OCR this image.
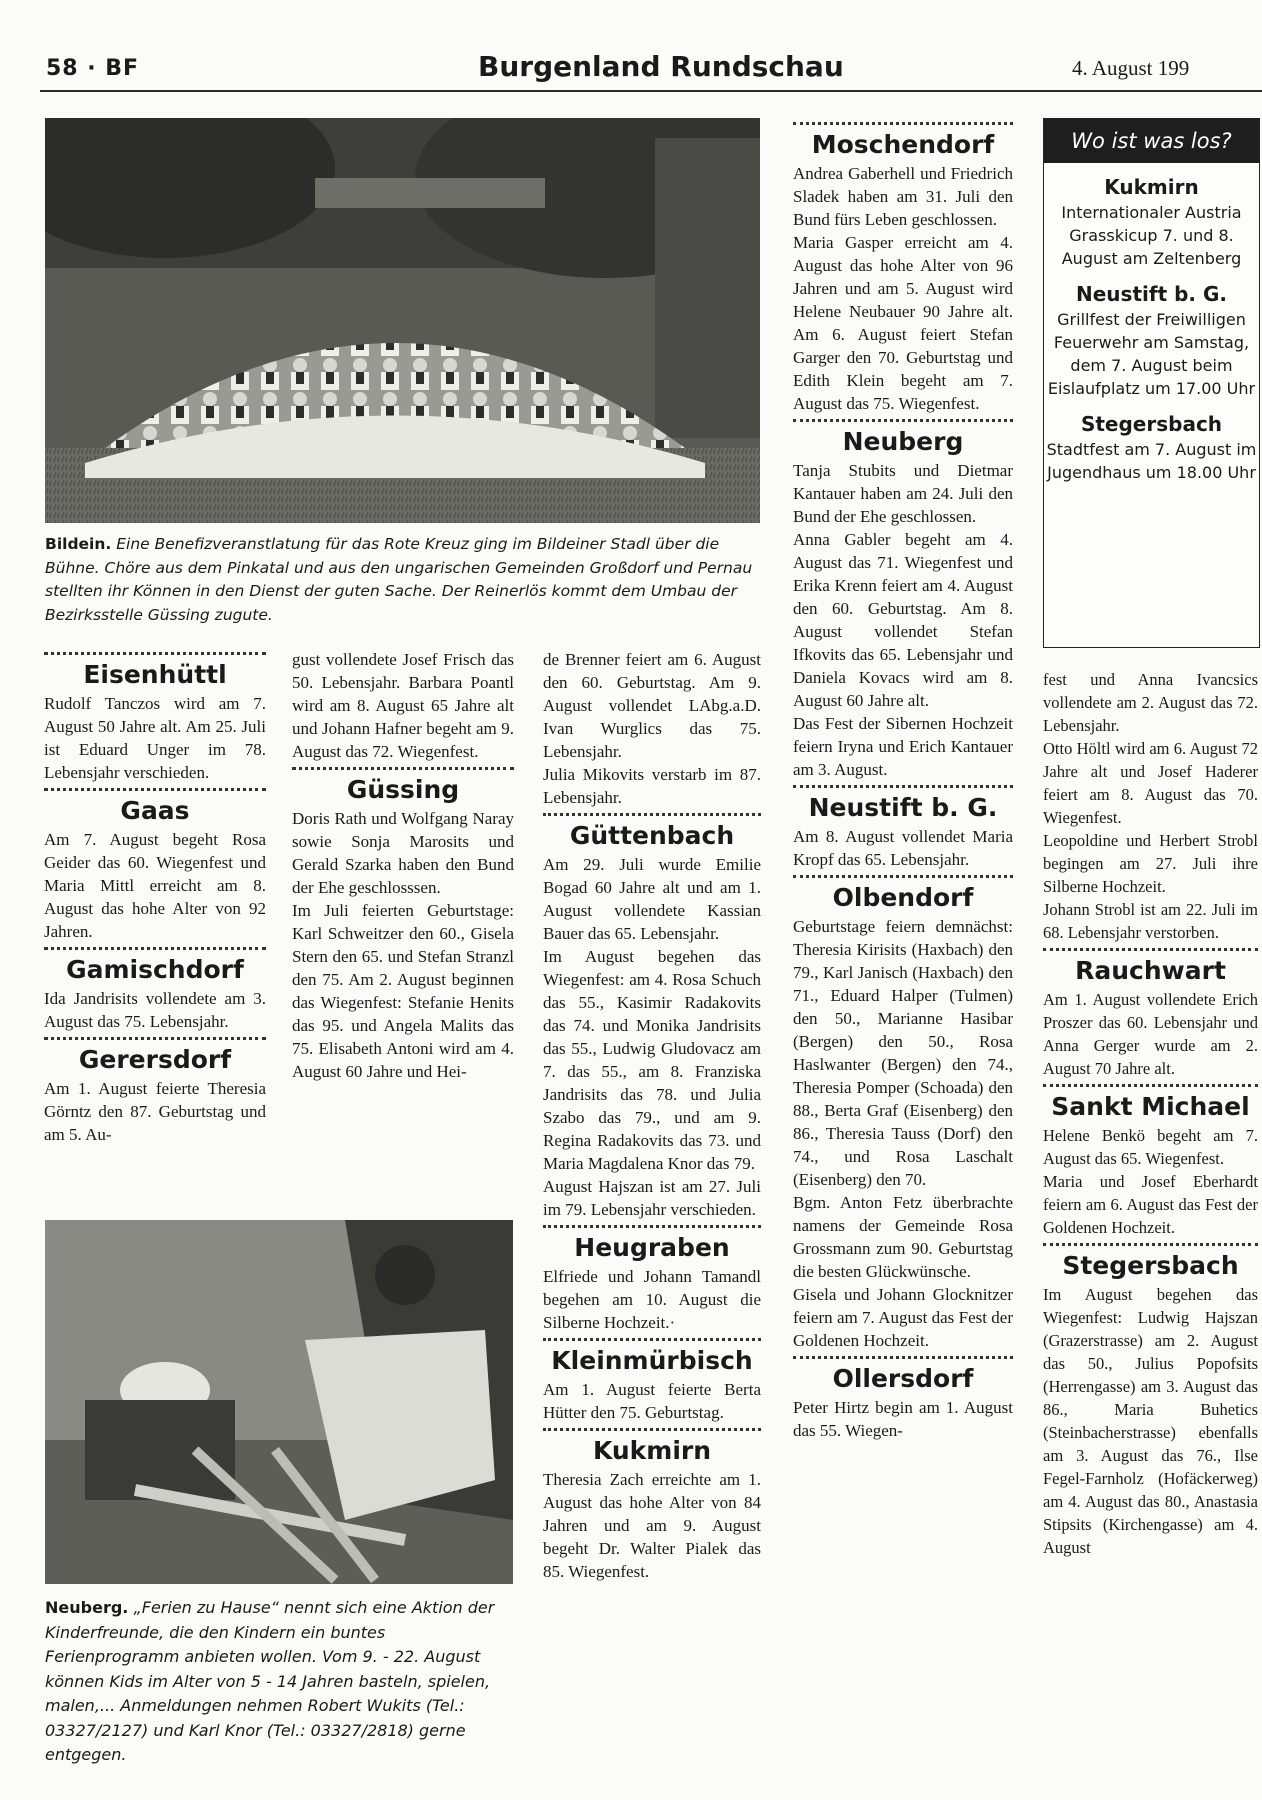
58 · BF	Burgenland Rundschau	4. August 199
Bildein. Eine Benefizveranstlatung für das Rote Kreuz ging im Bildeiner Stadl über die Bühne. Chöre aus dem Pinkatal und aus den ungarischen Gemeinden Großdorf und Pernau stellten ihr Können in den Dienst der guten Sache. Der Reinerlös kommt dem Umbau der Bezirksstelle Güssing zugute.
Eisenhüttl

Rudolf Tanczos wird am 7. August 50 Jahre alt. Am 25. Juli ist Eduard Unger im 78. Lebensjahr verschieden.

Gaas

Am 7. August begeht Rosa Geider das 60. Wiegenfest und Maria Mittl erreicht am 8. August das hohe Alter von 92 Jahren.

Gamischdorf

Ida Jandrisits vollendete am 3. August das 75. Lebensjahr.

Gerersdorf

Am 1. August feierte Theresia Görntz den 87. Geburtstag und am 5. Au-

gust vollendete Josef Frisch das 50. Lebensjahr. Barbara Poantl wird am 8. August 65 Jahre alt und Johann Hafner begeht am 9. August das 72. Wiegenfest.

Güssing

Doris Rath und Wolfgang Naray sowie Sonja Marosits und Gerald Szarka haben den Bund der Ehe geschlosssen.

Im Juli feierten Geburtstage: Karl Schweitzer den 60., Gisela Stern den 65. und Stefan Stranzl den 75. Am 2. August beginnen das Wiegenfest: Stefanie Henits das 95. und Angela Malits das 75. Elisabeth Antoni wird am 4. August 60 Jahre und Hei-

Neuberg. „Ferien zu Hause“ nennt sich eine Aktion der Kinderfreunde, die den Kindern ein buntes Ferienprogramm anbieten wollen. Vom 9. - 22. August können Kids im Alter von 5 - 14 Jahren basteln, spielen, malen,... Anmeldungen nehmen Robert Wukits (Tel.: 03327/2127) und Karl Knor (Tel.: 03327/2818) gerne entgegen.

de Brenner feiert am 6. August den 60. Geburtstag. Am 9. August vollendet LAbg.a.D. Ivan Wurglics das 75. Lebensjahr.

Julia Mikovits verstarb im 87. Lebensjahr.

Güttenbach

Am 29. Juli wurde Emilie Bogad 60 Jahre alt und am 1. August vollendete Kassian Bauer das 65. Lebensjahr.

Im August begehen das Wiegenfest: am 4. Rosa Schuch das 55., Kasimir Radakovits das 74. und Monika Jandrisits das 55., Ludwig Gludovacz am 7. das 55., am 8. Franziska Jandrisits das 78. und Julia Szabo das 79., und am 9. Regina Radakovits das 73. und Maria Magdalena Knor das 79.

August Hajszan ist am 27. Juli im 79. Lebensjahr verschieden.

Heugraben

Elfriede und Johann Tamandl begehen am 10. August die Silberne Hochzeit.·

Kleinmürbisch

Am 1. August feierte Berta Hütter den 75. Geburtstag.

Kukmirn

Theresia Zach erreichte am 1. August das hohe Alter von 84 Jahren und am 9. August begeht Dr. Walter Pialek das 85. Wiegenfest.

Moschendorf

Andrea Gaberhell und Friedrich Sladek haben am 31. Juli den Bund fürs Leben geschlossen.

Maria Gasper erreicht am 4. August das hohe Alter von 96 Jahren und am 5. August wird Helene Neubauer 90 Jahre alt. Am 6. August feiert Stefan Garger den 70. Geburtstag und Edith Klein begeht am 7. August das 75. Wiegenfest.

Neuberg

Tanja Stubits und Dietmar Kantauer haben am 24. Juli den Bund der Ehe geschlossen.

Anna Gabler begeht am 4. August das 71. Wiegenfest und Erika Krenn feiert am 4. August den 60. Geburtstag. Am 8. August vollendet Stefan Ifkovits das 65. Lebensjahr und Daniela Kovacs wird am 8. August 60 Jahre alt.

Das Fest der Sibernen Hochzeit feiern Iryna und Erich Kantauer am 3. August.

Neustift b. G.

Am 8. August vollendet Maria Kropf das 65. Lebensjahr.

Olbendorf

Geburtstage feiern demnächst: Theresia Kirisits (Haxbach) den 79., Karl Janisch (Haxbach) den 71., Eduard Halper (Tulmen) den 50., Marianne Hasibar (Bergen) den 50., Rosa Haslwanter (Bergen) den 74., Theresia Pomper (Schoada) den 88., Berta Graf (Eisenberg) den 86., Theresia Tauss (Dorf) den 74., und Rosa Laschalt (Eisenberg) den 70.

Bgm. Anton Fetz überbrachte namens der Gemeinde Rosa Grossmann zum 90. Geburtstag die besten Glückwünsche.

Gisela und Johann Glocknitzer feiern am 7. August das Fest der Goldenen Hochzeit.

Ollersdorf

Peter Hirtz begin am 1. August das 55. Wiegen-

Wo ist was los?
Kukmirn
Internationaler Austria Grasskicup 7. und 8. August am Zeltenberg
Neustift b. G.
Grillfest der Freiwilligen Feuerwehr am Samstag, dem 7. August beim Eislaufplatz um 17.00 Uhr
Stegersbach
Stadtfest am 7. August im Jugendhaus um 18.00 Uhr

fest und Anna Ivancsics vollendete am 2. August das 72. Lebensjahr.

Otto Höltl wird am 6. August 72 Jahre alt und Josef Haderer feiert am 8. August das 70. Wiegenfest.

Leopoldine und Herbert Strobl begingen am 27. Juli ihre Silberne Hochzeit.

Johann Strobl ist am 22. Juli im 68. Lebensjahr verstorben.

Rauchwart

Am 1. August vollendete Erich Proszer das 60. Lebensjahr und Anna Gerger wurde am 2. August 70 Jahre alt.

Sankt Michael

Helene Benkö begeht am 7. August das 65. Wiegenfest.

Maria und Josef Eberhardt feiern am 6. August das Fest der Goldenen Hochzeit.

Stegersbach

Im August begehen das Wiegenfest: Ludwig Hajszan (Grazerstrasse) am 2. August das 50., Julius Popofsits (Herrengasse) am 3. August das 86., Maria Buhetics (Steinbacherstrasse) ebenfalls am 3. August das 76., Ilse Fegel-Farnholz (Hofäckerweg) am 4. August das 80., Anastasia Stipsits (Kirchengasse) am 4. August
